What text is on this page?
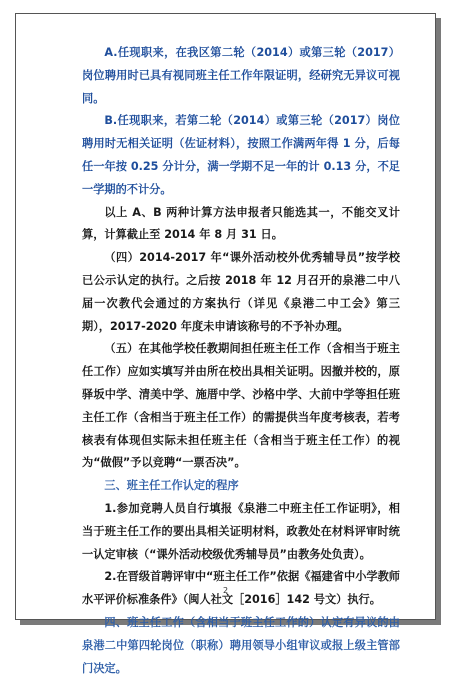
A.任现职来，在我区第二轮（2014）或第三轮（2017）岗位聘用时已具有视同班主任工作年限证明，经研究无异议可视同。

B.任现职来，若第二轮（2014）或第三轮（2017）岗位聘用时无相关证明（佐证材料），按照工作满两年得 1 分，后每任一年按 0.25 分计分，满一学期不足一年的计 0.13 分，不足一学期的不计分。

以上 A、B 两种计算方法申报者只能选其一，不能交叉计算，计算截止至 2014 年 8 月 31 日。

（四）2014-2017 年“课外活动校外优秀辅导员”按学校已公示认定的执行。之后按 2018 年 12 月召开的泉港二中八届一次教代会通过的方案执行（详见《泉港二中工会》第三期），2017-2020 年度未申请该称号的不予补办理。

（五）在其他学校任教期间担任班主任工作（含相当于班主任工作）应如实填写并由所在校出具相关证明。因撤并校的，原驿坂中学、清美中学、施厝中学、沙格中学、大前中学等担任班主任工作（含相当于班主任工作）的需提供当年度考核表，若考核表有体现但实际未担任班主任（含相当于班主任工作）的视为“做假”予以竞聘“一票否决”。

三、班主任工作认定的程序

1.参加竞聘人员自行填报《泉港二中班主任工作证明》，相当于班主任工作的要出具相关证明材料，政教处在材料评审时统一认定审核（“课外活动校级优秀辅导员”由教务处负责）。

2.在晋级首聘评审中“班主任工作”依据《福建省中小学教师水平评价标准条件》（闽人社文［2016］142 号文）执行。

四、班主任工作（含相当于班主任工作的）认定有异议的由泉港二中第四轮岗位（职称）聘用领导小组审议或报上级主管部门决定。

2
